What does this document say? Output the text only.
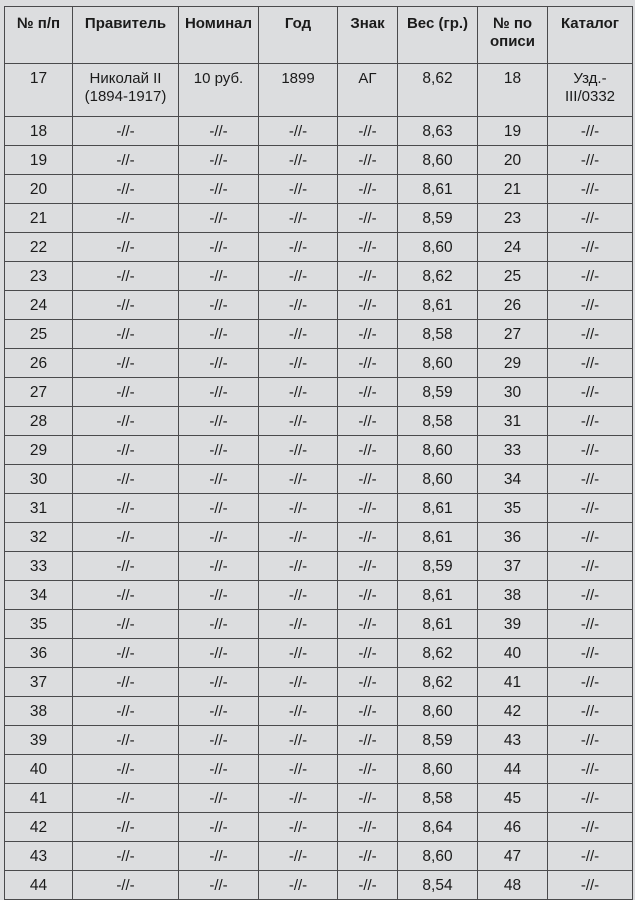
№ п/п	Правитель	Номинал	Год	Знак	Вес (гр.)	№ по описи	Каталог
17	Николай II (1894-1917)	10 руб.	1899	АГ	8,62	18	Узд.- III/0332
18	-//-	-//-	-//-	-//-	8,63	19	-//-
19	-//-	-//-	-//-	-//-	8,60	20	-//-
20	-//-	-//-	-//-	-//-	8,61	21	-//-
21	-//-	-//-	-//-	-//-	8,59	23	-//-
22	-//-	-//-	-//-	-//-	8,60	24	-//-
23	-//-	-//-	-//-	-//-	8,62	25	-//-
24	-//-	-//-	-//-	-//-	8,61	26	-//-
25	-//-	-//-	-//-	-//-	8,58	27	-//-
26	-//-	-//-	-//-	-//-	8,60	29	-//-
27	-//-	-//-	-//-	-//-	8,59	30	-//-
28	-//-	-//-	-//-	-//-	8,58	31	-//-
29	-//-	-//-	-//-	-//-	8,60	33	-//-
30	-//-	-//-	-//-	-//-	8,60	34	-//-
31	-//-	-//-	-//-	-//-	8,61	35	-//-
32	-//-	-//-	-//-	-//-	8,61	36	-//-
33	-//-	-//-	-//-	-//-	8,59	37	-//-
34	-//-	-//-	-//-	-//-	8,61	38	-//-
35	-//-	-//-	-//-	-//-	8,61	39	-//-
36	-//-	-//-	-//-	-//-	8,62	40	-//-
37	-//-	-//-	-//-	-//-	8,62	41	-//-
38	-//-	-//-	-//-	-//-	8,60	42	-//-
39	-//-	-//-	-//-	-//-	8,59	43	-//-
40	-//-	-//-	-//-	-//-	8,60	44	-//-
41	-//-	-//-	-//-	-//-	8,58	45	-//-
42	-//-	-//-	-//-	-//-	8,64	46	-//-
43	-//-	-//-	-//-	-//-	8,60	47	-//-
44	-//-	-//-	-//-	-//-	8,54	48	-//-
